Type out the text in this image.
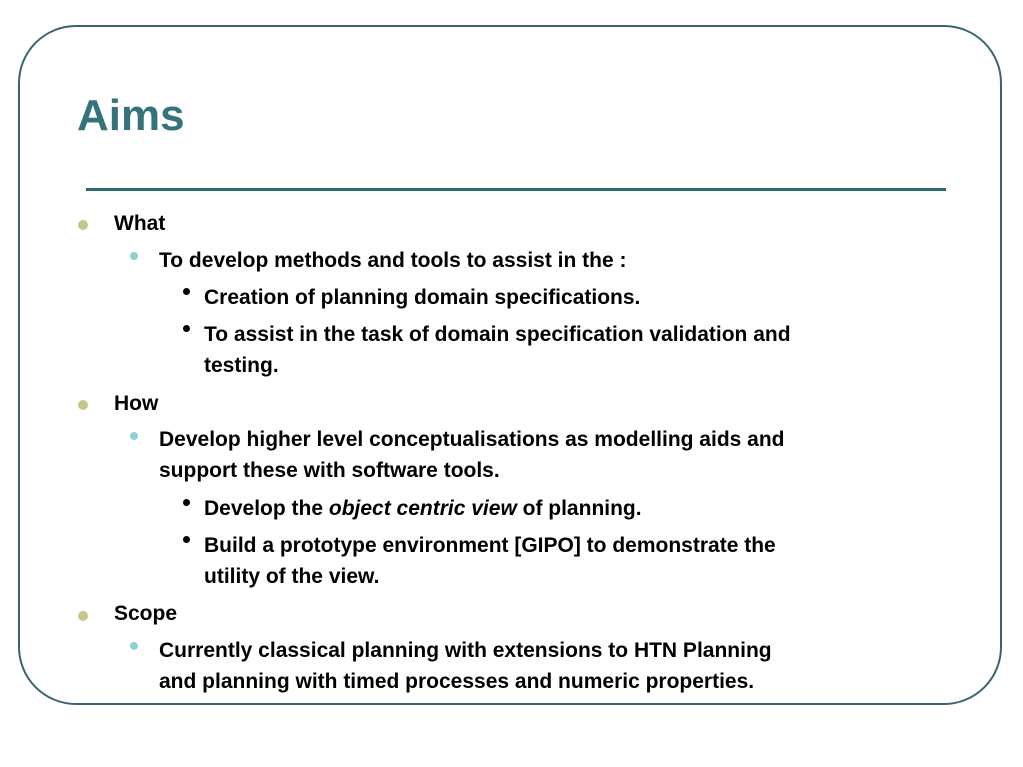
Aims

What

To develop methods and tools to assist in the :

Creation of planning domain specifications.

To assist in the task of domain specification validation and

testing.

How

Develop higher level conceptualisations as modelling aids and

support these with software tools.

Develop the object centric view of planning.

Build a prototype environment [GIPO] to demonstrate the

utility of the view.

Scope

Currently classical planning with extensions to HTN Planning

and planning with timed processes and numeric properties.
